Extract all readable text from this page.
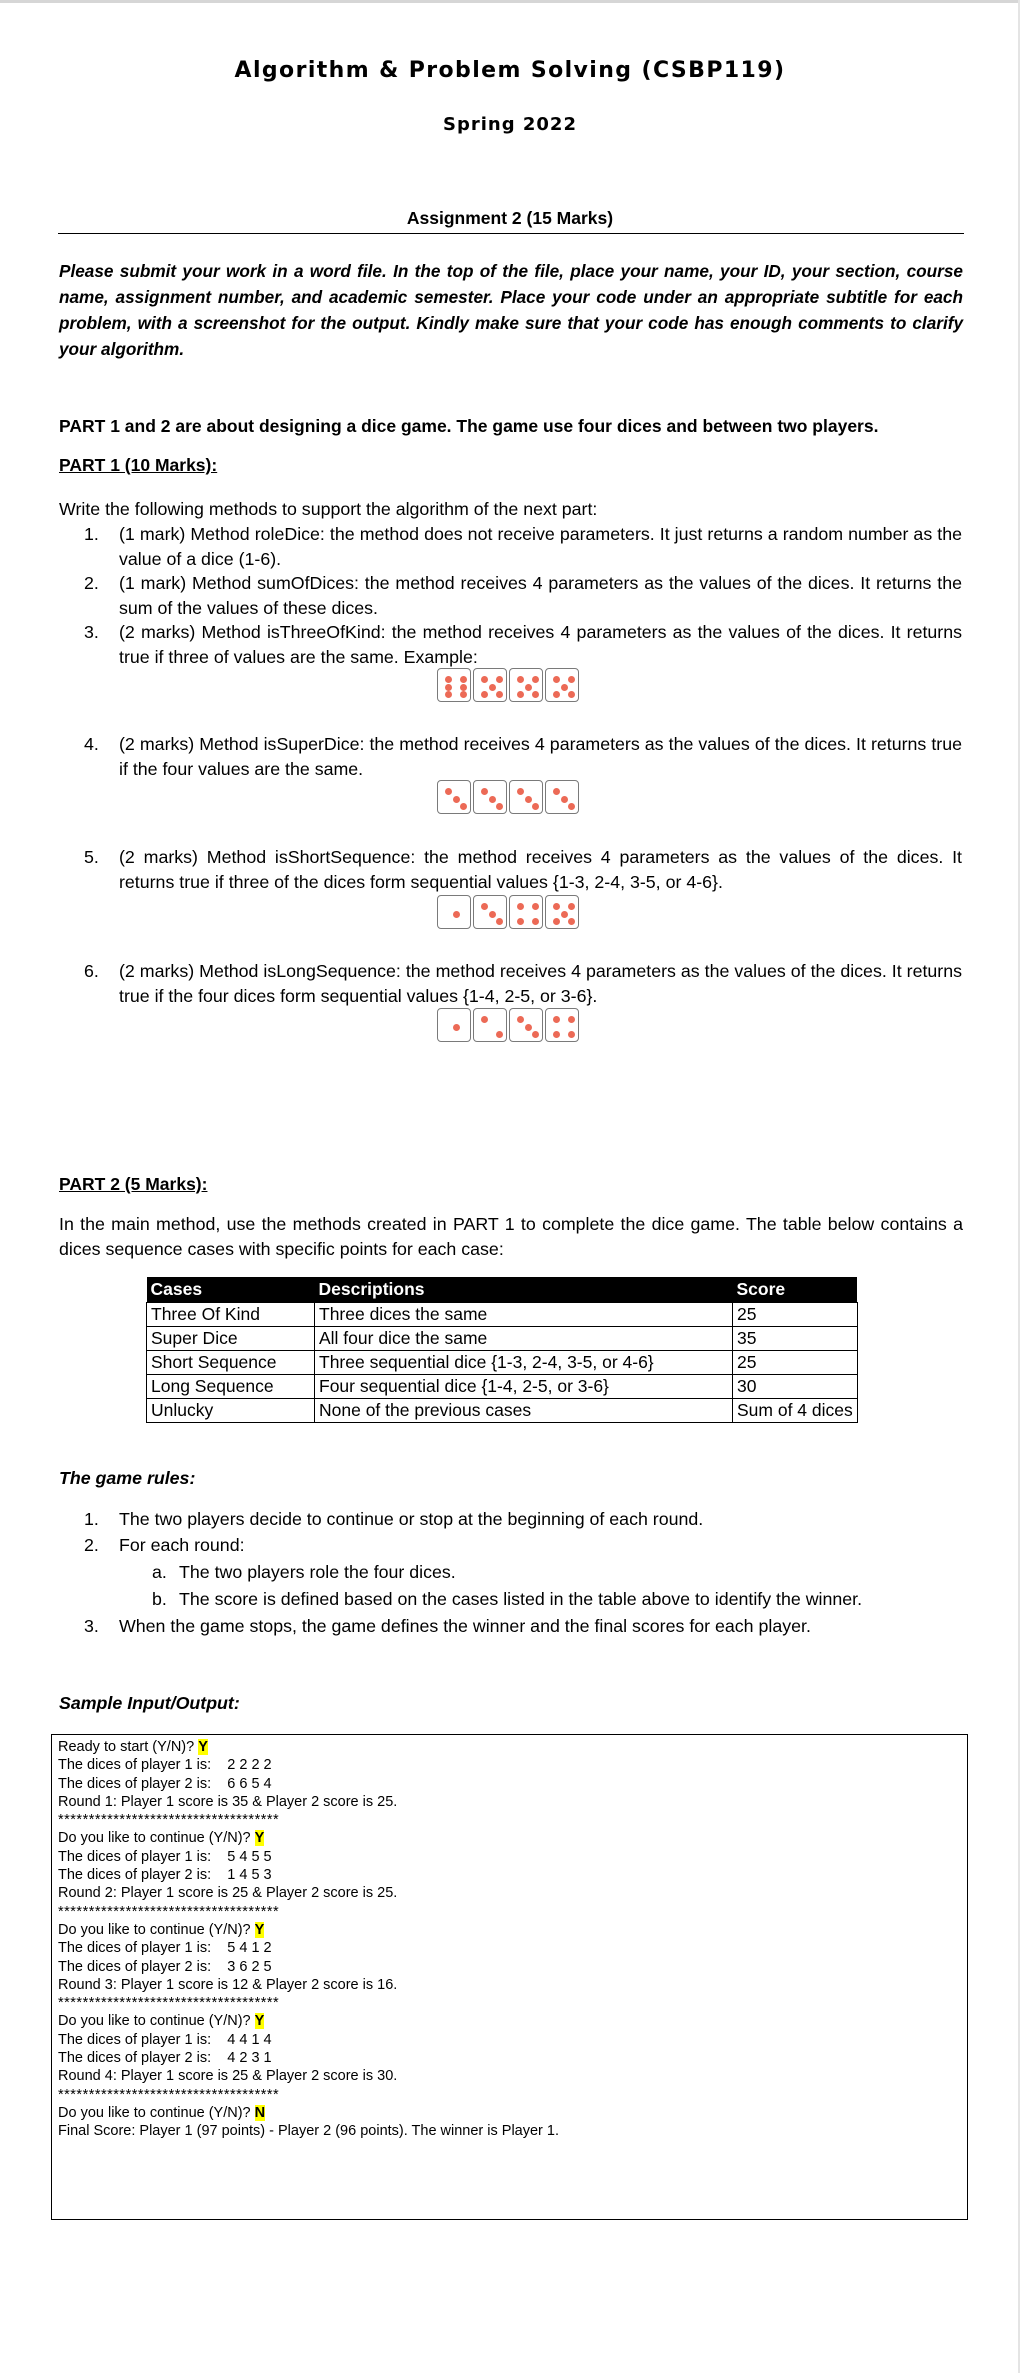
Algorithm & Problem Solving (CSBP119)
Spring 2022
Assignment 2 (15 Marks)
Please submit your work in a word file. In the top of the file, place your name, your ID, your section, course name, assignment number, and academic semester. Place your code under an appropriate subtitle for each problem, with a screenshot for the output. Kindly make sure that your code has enough comments to clarify your algorithm.
PART 1 and 2 are about designing a dice game. The game use four dices and between two players.
PART 1 (10 Marks):
Write the following methods to support the algorithm of the next part:
1.	(1 mark) Method roleDice: the method does not receive parameters. It just returns a random number as the value of a dice (1-6).
2.	(1 mark) Method sumOfDices: the method receives 4 parameters as the values of the dices. It returns the sum of the values of these dices.
3.	(2 marks) Method isThreeOfKind: the method receives 4 parameters as the values of the dices. It returns true if three of values are the same. Example:
4.	(2 marks) Method isSuperDice: the method receives 4 parameters as the values of the dices. It returns true if the four values are the same.
5.	(2 marks) Method isShortSequence: the method receives 4 parameters as the values of the dices. It returns true if three of the dices form sequential values {1-3, 2-4, 3-5, or 4-6}.
6.	(2 marks) Method isLongSequence: the method receives 4 parameters as the values of the dices. It returns true if the four dices form sequential values {1-4, 2-5, or 3-6}.
PART 2 (5 Marks):
In the main method, use the methods created in PART 1 to complete the dice game. The table below contains a dices sequence cases with specific points for each case:
Cases	Descriptions	Score
Three Of Kind	Three dices the same	25
Super Dice	All four dice the same	35
Short Sequence	Three sequential dice {1-3, 2-4, 3-5, or 4-6}	25
Long Sequence	Four sequential dice {1-4, 2-5, or 3-6}	30
Unlucky	None of the previous cases	Sum of 4 dices
The game rules:
1. The two players decide to continue or stop at the beginning of each round.
2. For each round:
a. The two players role the four dices.
b. The score is defined based on the cases listed in the table above to identify the winner.
3. When the game stops, the game defines the winner and the final scores for each player.
Sample Input/Output:
Ready to start (Y/N)? Y
The dices of player 1 is: 2 2 2 2
The dices of player 2 is: 6 6 5 4
Round 1: Player 1 score is 35 & Player 2 score is 25.
************************************
Do you like to continue (Y/N)? Y
The dices of player 1 is: 5 4 5 5
The dices of player 2 is: 1 4 5 3
Round 2: Player 1 score is 25 & Player 2 score is 25.
************************************
Do you like to continue (Y/N)? Y
The dices of player 1 is: 5 4 1 2
The dices of player 2 is: 3 6 2 5
Round 3: Player 1 score is 12 & Player 2 score is 16.
************************************
Do you like to continue (Y/N)? Y
The dices of player 1 is: 4 4 1 4
The dices of player 2 is: 4 2 3 1
Round 4: Player 1 score is 25 & Player 2 score is 30.
************************************
Do you like to continue (Y/N)? N
Final Score: Player 1 (97 points) - Player 2 (96 points). The winner is Player 1.
